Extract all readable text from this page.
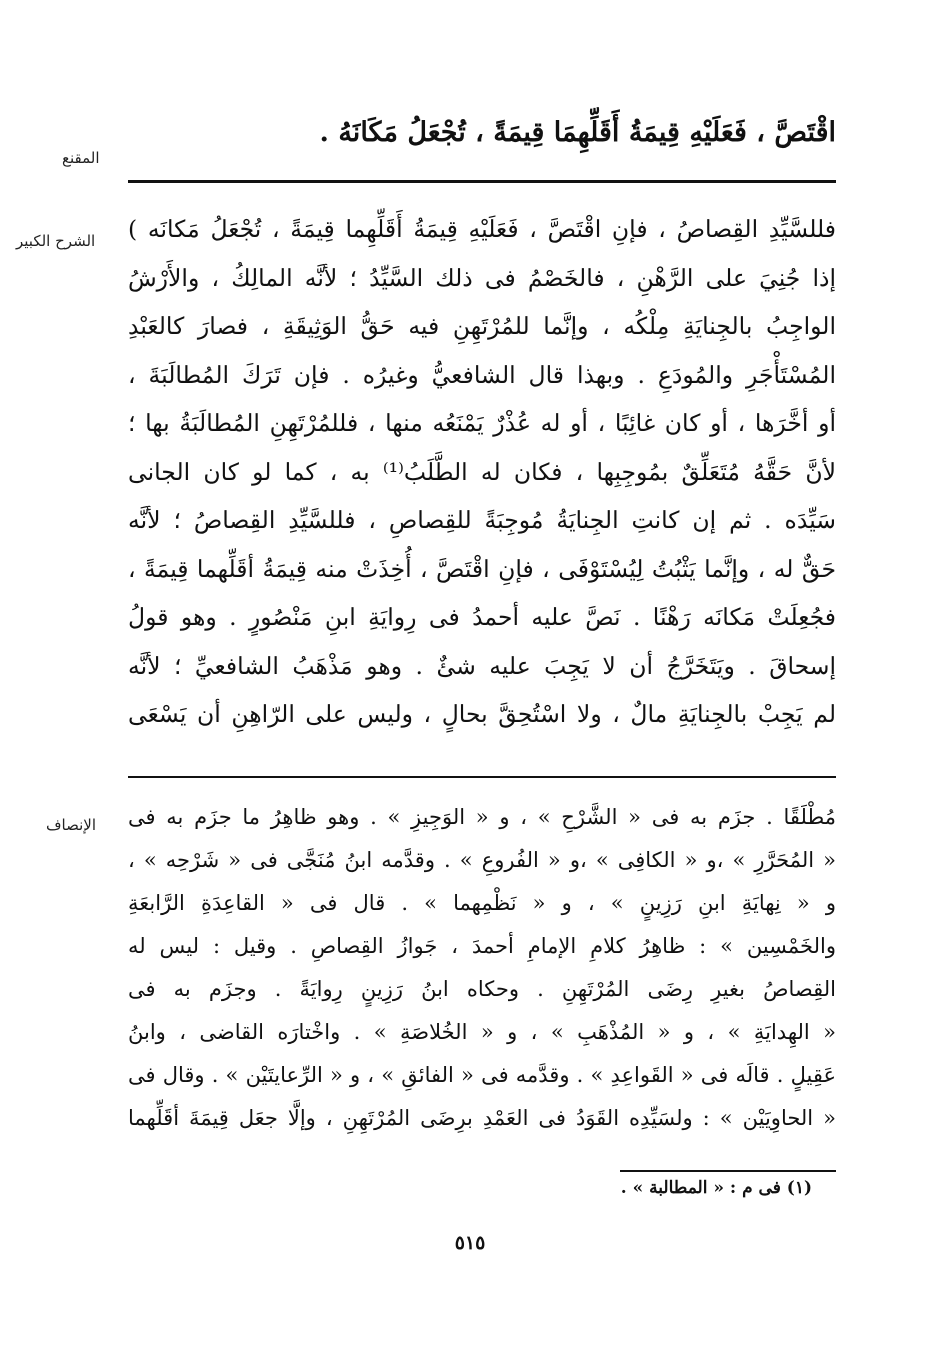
المقنع
اقْتَصَّ ، فَعَلَيْهِ قِيمَةُ أَقَلِّهِمَا قِيمَةً ، تُجْعَلُ مَكَانَهُ .
الشرح الكبير فللسَّيِّدِ القِصاصُ ، فإنِ اقْتَصَّ ، فَعَلَيْهِ قِيمَةُ أَقَلِّهِما قِيمَةً ، تُجْعَلُ مَكانَه )
إذا جُنِيَ على الرَّهْنِ ، فالخَصْمُ فى ذلك السَّيِّدُ ؛ لأنَّه المالِكُ ، والأَرْشُ
الواجِبُ بالجِنايَةِ مِلْكُه ، وإنَّما للمُرْتَهِنِ فيه حَقُّ الوَثِيقَةِ ، فصارَ كالعَبْدِ
المُسْتَأْجَرِ والمُودَعِ . وبهذا قال الشافعيُّ وغيرُه . فإن تَرَكَ المُطالَبَةَ ،
أو أخَّرَها ، أو كان غائِبًا ، أو له عُذْرٌ يَمْنَعُه منها ، فللمُرْتَهِنِ المُطالَبَةُ بها ؛
لأنَّ حَقَّهُ مُتَعَلِّقٌ بمُوجِبِها ، فكان له الطَّلَبُ⁽¹⁾ به ، كما لو كان الجانى
سَيِّدَه . ثم إن كانتِ الجِنايَةُ مُوجِبَةً للقِصاصِ ، فللسَّيِّدِ القِصاصُ ؛ لأنَّه
حَقٌّ له ، وإنَّما يَثْبُتُ لِيُسْتَوْفَى ، فإنِ اقْتَصَّ ، أُخِذَتْ منه قِيمَةُ أقَلِّهما قِيمَةً ،
فجُعِلَتْ مَكانَه رَهْنًا . نَصَّ عليه أحمدُ فى رِوايَةِ ابنِ مَنْصُورٍ . وهو قولُ
إسحاقَ . ويَتَخَرَّجُ أن لا يَجِبَ عليه شئٌ . وهو مَذْهَبُ الشافعيِّ ؛ لأنَّه
لم يَجِبْ بالجِنايَةِ مالٌ ، ولا اسْتُحِقَّ بحالٍ ، وليس على الرّاهِنِ أن يَسْعَى
الإنصاف مُطْلَقًا . جزَم به فى « الشَّرْحِ » ، و « الوَجِيزِ » . وهو ظاهِرُ ما جزَم به فى
« المُحَرَّرِ » ،و « الكافِى » ،و « الفُروعِ » . وقدَّمه ابنُ مُنَجَّى فى « شَرْحِه » ،
و « نِهايَةِ ابنِ رَزِينٍ » ، و « نَظْمِهما » . قال فى « القاعِدَةِ الرَّابعَةِ
والخَمْسِين » : ظاهِرُ كلامِ الإمامِ أحمدَ ، جَوازُ القِصاصِ . وقيل : ليس له
القِصاصُ بغيرِ رِضَى المُرْتَهِنِ . وحكاه ابنُ رَزِينٍ رِوايَةً . وجزَم به فى
« الهِدايَةِ » ، و « المُذْهَبِ » ، و « الخُلاصَةِ » . واخْتارَه القاضى ، وابنُ
عَقِيلٍ . قالَه فى « القَواعِدِ » . وقدَّمه فى « الفائقِ » ، و « الرِّعايتَيْن » . وقال فى
« الحاوِيَيْن » : ولسَيِّدِه القَوَدُ فى العَمْدِ برِضَى المُرْتَهِنِ ، وإلَّا جعَل قِيمَةَ أقَلِّهما
(١) فى م : « المطالبة » .
٥١٥
